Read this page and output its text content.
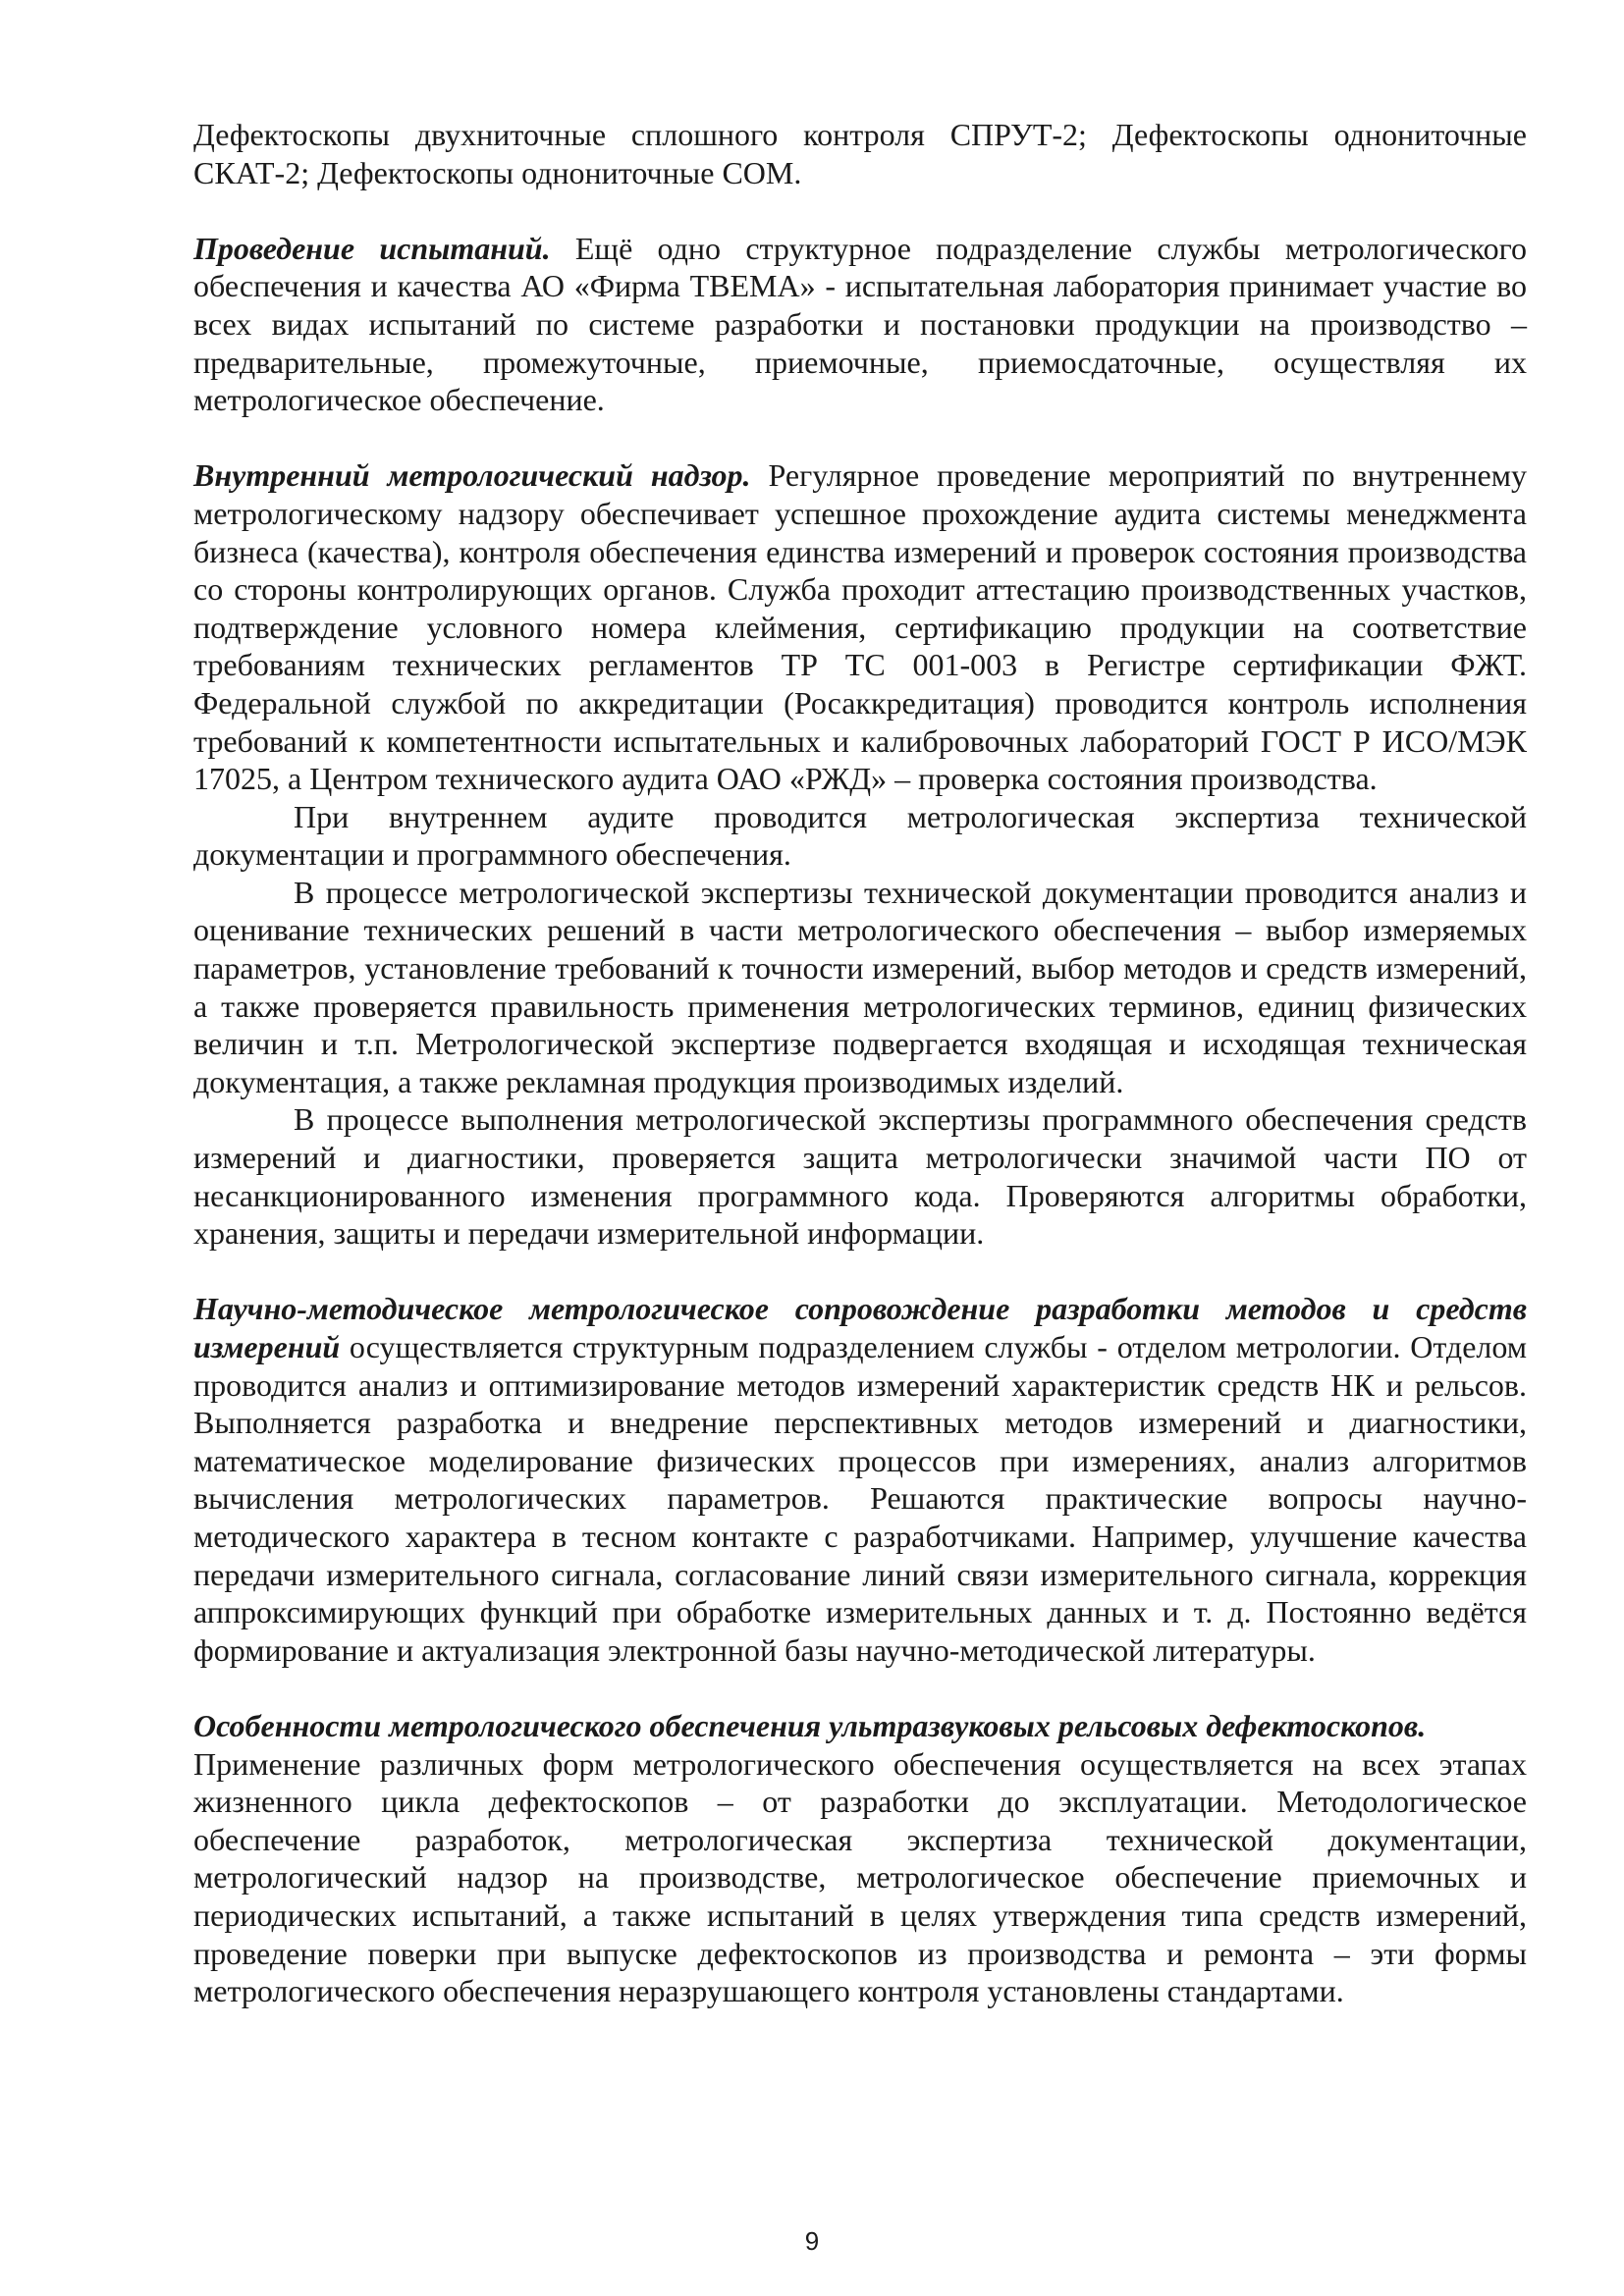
Дефектоскопы двухниточные сплошного контроля СПРУТ-2; Дефектоскопы однониточные СКАТ-2; Дефектоскопы однониточные СОМ.

Проведение испытаний. Ещё одно структурное подразделение службы метрологического обеспечения и качества АО «Фирма ТВЕМА» - испытательная лаборатория принимает участие во всех видах испытаний по системе разработки и постановки продукции на производство – предварительные, промежуточные, приемочные, приемосдаточные, осуществляя их метрологическое обеспечение.

Внутренний метрологический надзор. Регулярное проведение мероприятий по внутреннему метрологическому надзору обеспечивает успешное прохождение аудита системы менеджмента бизнеса (качества), контроля обеспечения единства измерений и проверок состояния производства со стороны контролирующих органов. Служба проходит аттестацию производственных участков, подтверждение условного номера клеймения, сертификацию продукции на соответствие требованиям технических регламентов ТР ТС 001-003 в Регистре сертификации ФЖТ. Федеральной службой по аккредитации (Росаккредитация) проводится контроль исполнения требований к компетентности испытательных и калибровочных лабораторий ГОСТ Р ИСО/МЭК 17025, а Центром технического аудита ОАО «РЖД» – проверка состояния производства.

При внутреннем аудите проводится метрологическая экспертиза технической документации и программного обеспечения.

В процессе метрологической экспертизы технической документации проводится анализ и оценивание технических решений в части метрологического обеспечения – выбор измеряемых параметров, установление требований к точности измерений, выбор методов и средств измерений, а также проверяется правильность применения метрологических терминов, единиц физических величин и т.п. Метрологической экспертизе подвергается входящая и исходящая техническая документация, а также рекламная продукция производимых изделий.

В процессе выполнения метрологической экспертизы программного обеспечения средств измерений и диагностики, проверяется защита метрологически значимой части ПО от несанкционированного изменения программного кода. Проверяются алгоритмы обработки, хранения, защиты и передачи измерительной информации.

Научно-методическое метрологическое сопровождение разработки методов и средств измерений осуществляется структурным подразделением службы - отделом метрологии. Отделом проводится анализ и оптимизирование методов измерений характеристик средств НК и рельсов. Выполняется разработка и внедрение перспективных методов измерений и диагностики, математическое моделирование физических процессов при измерениях, анализ алгоритмов вычисления метрологических параметров. Решаются практические вопросы научно-методического характера в тесном контакте с разработчиками. Например, улучшение качества передачи измерительного сигнала, согласование линий связи измерительного сигнала, коррекция аппроксимирующих функций при обработке измерительных данных и т. д. Постоянно ведётся формирование и актуализация электронной базы научно-методической литературы.

Особенности метрологического обеспечения ультразвуковых рельсовых дефектоскопов.

Применение различных форм метрологического обеспечения осуществляется на всех этапах жизненного цикла дефектоскопов – от разработки до эксплуатации. Методологическое обеспечение разработок, метрологическая экспертиза технической документации, метрологический надзор на производстве, метрологическое обеспечение приемочных и периодических испытаний, а также испытаний в целях утверждения типа средств измерений, проведение поверки при выпуске дефектоскопов из производства и ремонта – эти формы метрологического обеспечения неразрушающего контроля установлены стандартами.

9
